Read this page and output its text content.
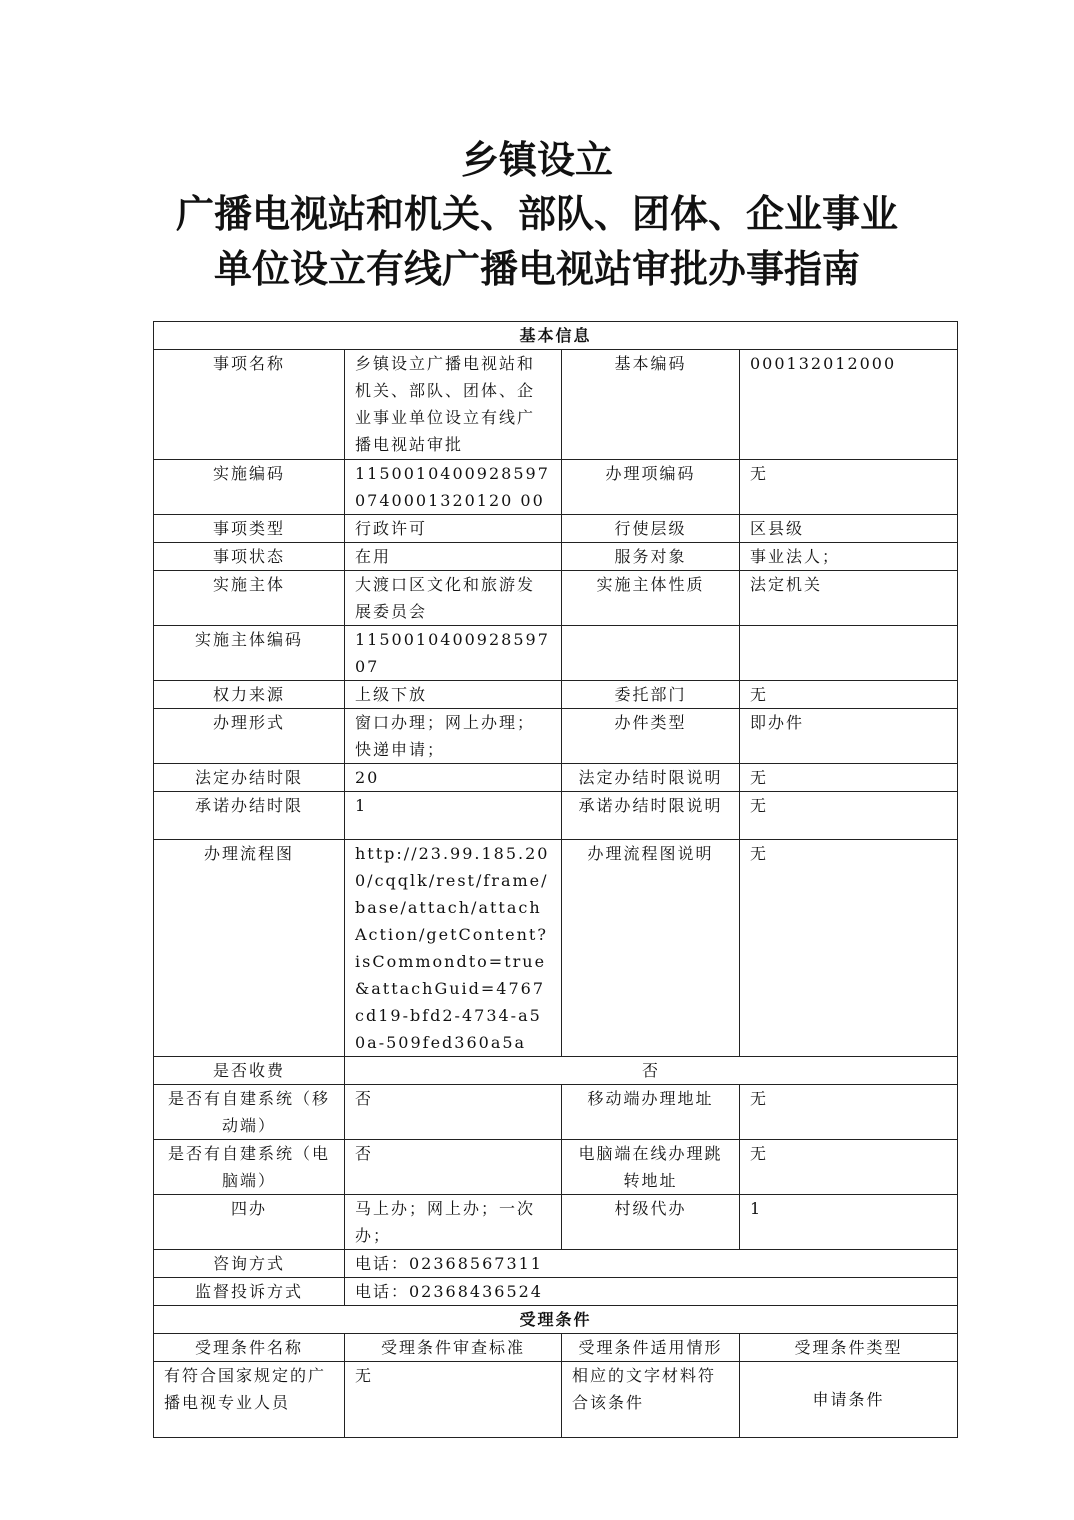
乡镇设立
广播电视站和机关、部队、团体、企业事业
单位设立有线广播电视站审批办事指南
基本信息			
事项名称	乡镇设立广播电视站和机关、部队、团体、企业事业单位设立有线广播电视站审批	基本编码	000132012000
实施编码	11500104009285970740001320120 00	办理项编码	无
事项类型	行政许可	行使层级	区县级
事项状态	在用	服务对象	事业法人；
实施主体	大渡口区文化和旅游发展委员会	实施主体性质	法定机关
实施主体编码	115001040092859707		
权力来源	上级下放	委托部门	无
办理形式	窗口办理；网上办理；快递申请；	办件类型	即办件
法定办结时限	20	法定办结时限说明	无
承诺办结时限	1	承诺办结时限说明	无
办理流程图	http://23.99.185.200/cqqlk/rest/frame/base/attach/attachAction/getContent?isCommondto=true&attachGuid=4767cd19-bfd2-4734-a50a-509fed360a5a	办理流程图说明	无
是否收费	否		
是否有自建系统（移动端）	否	移动端办理地址	无
是否有自建系统（电脑端）	否	电脑端在线办理跳转地址	无
四办	马上办；网上办；一次办；	村级代办	1
咨询方式	电话：02368567311		
监督投诉方式	电话：02368436524		
受理条件			
受理条件名称	受理条件审查标准	受理条件适用情形	受理条件类型
有符合国家规定的广播电视专业人员	无	相应的文字材料符合该条件	申请条件
